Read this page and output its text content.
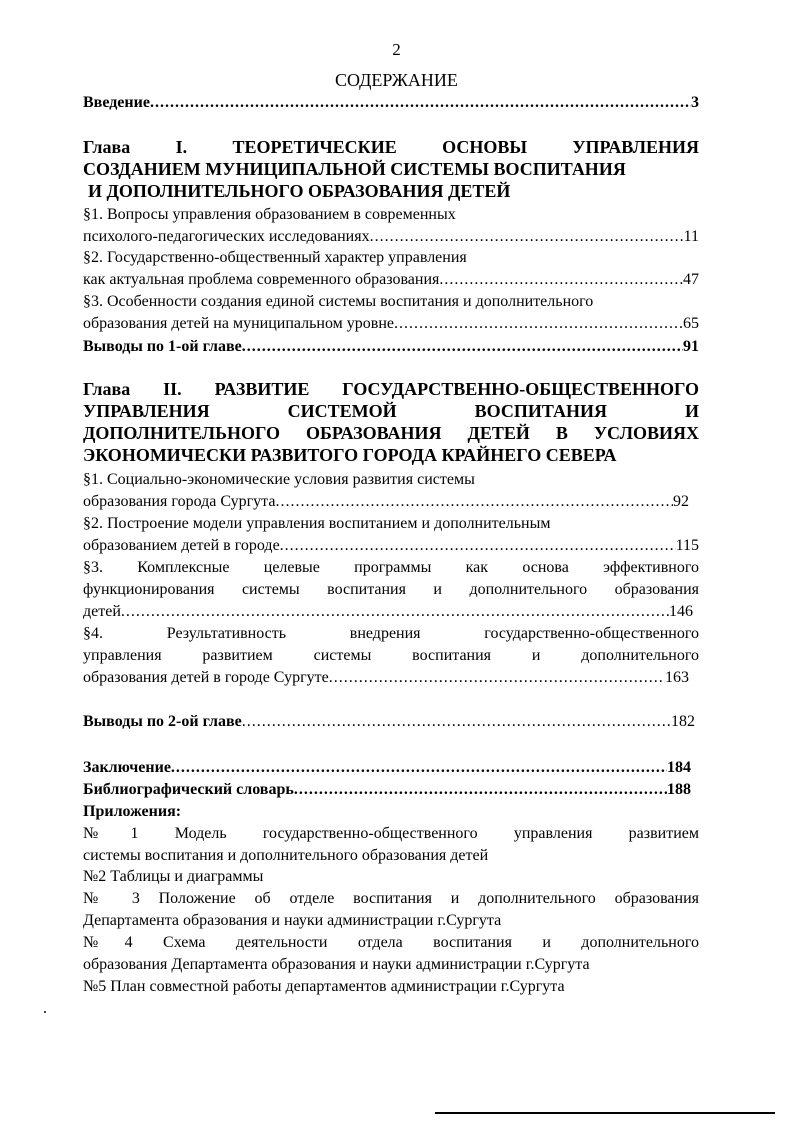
2
СОДЕРЖАНИЕ
Введение .....	3
Глава I. ТЕОРЕТИЧЕСКИЕ ОСНОВЫ УПРАВЛЕНИЯ
СОЗДАНИЕМ МУНИЦИПАЛЬНОЙ СИСТЕМЫ ВОСПИТАНИЯ
И ДОПОЛНИТЕЛЬНОГО ОБРАЗОВАНИЯ ДЕТЕЙ
§1. Вопросы управления образованием в современных
психолого-педагогических исследованиях .....	11
§2. Государственно-общественный характер управления
как актуальная проблема современного образования .....	47
§3. Особенности создания единой системы воспитания и дополнительного
образования детей на муниципальном уровне .....	65
Выводы по 1-ой главе .....	91
Глава II. РАЗВИТИЕ ГОСУДАРСТВЕННО-ОБЩЕСТВЕННОГО
УПРАВЛЕНИЯ СИСТЕМОЙ ВОСПИТАНИЯ И
ДОПОЛНИТЕЛЬНОГО ОБРАЗОВАНИЯ ДЕТЕЙ В УСЛОВИЯХ
ЭКОНОМИЧЕСКИ РАЗВИТОГО ГОРОДА КРАЙНЕГО СЕВЕРА
§1. Социально-экономические условия развития системы
образования города Сургута .....	92
§2. Построение модели управления воспитанием и дополнительным
образованием детей в городе .....	115
§3. Комплексные целевые программы как основа эффективного
функционирования системы воспитания и дополнительного образования
детей .....	146
§4. Результативность внедрения государственно-общественного
управления развитием системы воспитания и дополнительного
образования детей в городе Сургуте .....	163
Выводы по 2-ой главе .....	182
Заключение .....	184
Библиографический словарь .....	188
Приложения:
№1 Модель государственно-общественного управления развитием
системы воспитания и дополнительного образования детей
№2 Таблицы и диаграммы
№ 3 Положение об отделе воспитания и дополнительного образования
Департамента образования и науки администрации г.Сургута
№4 Схема деятельности отдела воспитания и дополнительного
образования Департамента образования и науки администрации г.Сургута
№5 План совместной работы департаментов администрации г.Сургута
